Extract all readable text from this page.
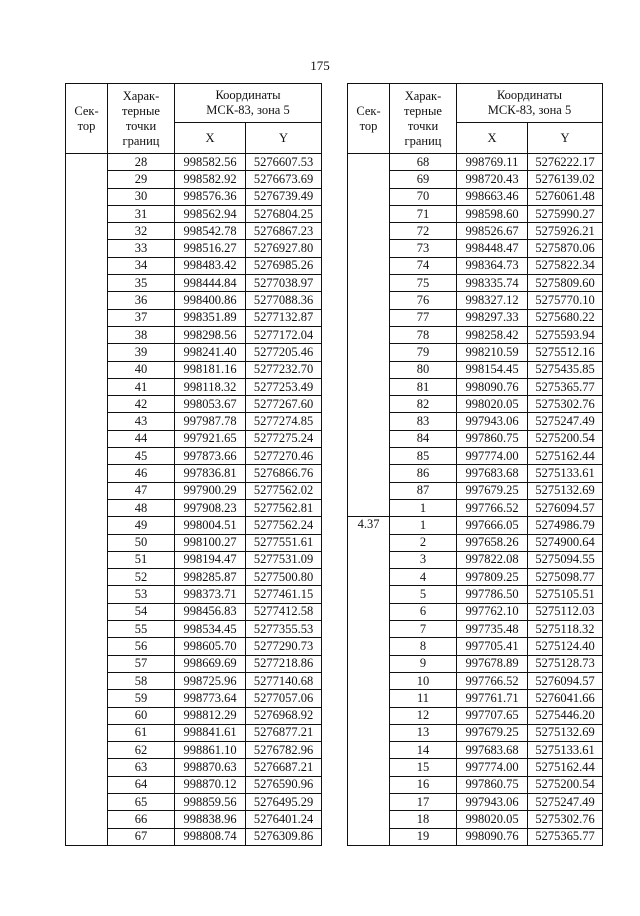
175
Сек-
тор	Харак-
терные
точки
границ	Координаты
МСК-83, зона 5	

		X	Y
	28	998582.56	5276607.53
	29	998582.92	5276673.69
	30	998576.36	5276739.49
	31	998562.94	5276804.25
	32	998542.78	5276867.23
	33	998516.27	5276927.80
	34	998483.42	5276985.26
	35	998444.84	5277038.97
	36	998400.86	5277088.36
	37	998351.89	5277132.87
	38	998298.56	5277172.04
	39	998241.40	5277205.46
	40	998181.16	5277232.70
	41	998118.32	5277253.49
	42	998053.67	5277267.60
	43	997987.78	5277274.85
	44	997921.65	5277275.24
	45	997873.66	5277270.46
	46	997836.81	5276866.76
	47	997900.29	5277562.02
	48	997908.23	5277562.81
	49	998004.51	5277562.24
	50	998100.27	5277551.61
	51	998194.47	5277531.09
	52	998285.87	5277500.80
	53	998373.71	5277461.15
	54	998456.83	5277412.58
	55	998534.45	5277355.53
	56	998605.70	5277290.73
	57	998669.69	5277218.86
	58	998725.96	5277140.68
	59	998773.64	5277057.06
	60	998812.29	5276968.92
	61	998841.61	5276877.21
	62	998861.10	5276782.96
	63	998870.63	5276687.21
	64	998870.12	5276590.96
	65	998859.56	5276495.29
	66	998838.96	5276401.24
	67	998808.74	5276309.86
Сек-
тор	Харак-
терные
точки
границ	Координаты
МСК-83, зона 5	

		X	Y
	68	998769.11	5276222.17
	69	998720.43	5276139.02
	70	998663.46	5276061.48
	71	998598.60	5275990.27
	72	998526.67	5275926.21
	73	998448.47	5275870.06
	74	998364.73	5275822.34
	75	998335.74	5275809.60
	76	998327.12	5275770.10
	77	998297.33	5275680.22
	78	998258.42	5275593.94
	79	998210.59	5275512.16
	80	998154.45	5275435.85
	81	998090.76	5275365.77
	82	998020.05	5275302.76
	83	997943.06	5275247.49
	84	997860.75	5275200.54
	85	997774.00	5275162.44
	86	997683.68	5275133.61
	87	997679.25	5275132.69
	1	997766.52	5276094.57
4.37	1	997666.05	5274986.79
	2	997658.26	5274900.64
	3	997822.08	5275094.55
	4	997809.25	5275098.77
	5	997786.50	5275105.51
	6	997762.10	5275112.03
	7	997735.48	5275118.32
	8	997705.41	5275124.40
	9	997678.89	5275128.73
	10	997766.52	5276094.57
	11	997761.71	5276041.66
	12	997707.65	5275446.20
	13	997679.25	5275132.69
	14	997683.68	5275133.61
	15	997774.00	5275162.44
	16	997860.75	5275200.54
	17	997943.06	5275247.49
	18	998020.05	5275302.76
	19	998090.76	5275365.77
